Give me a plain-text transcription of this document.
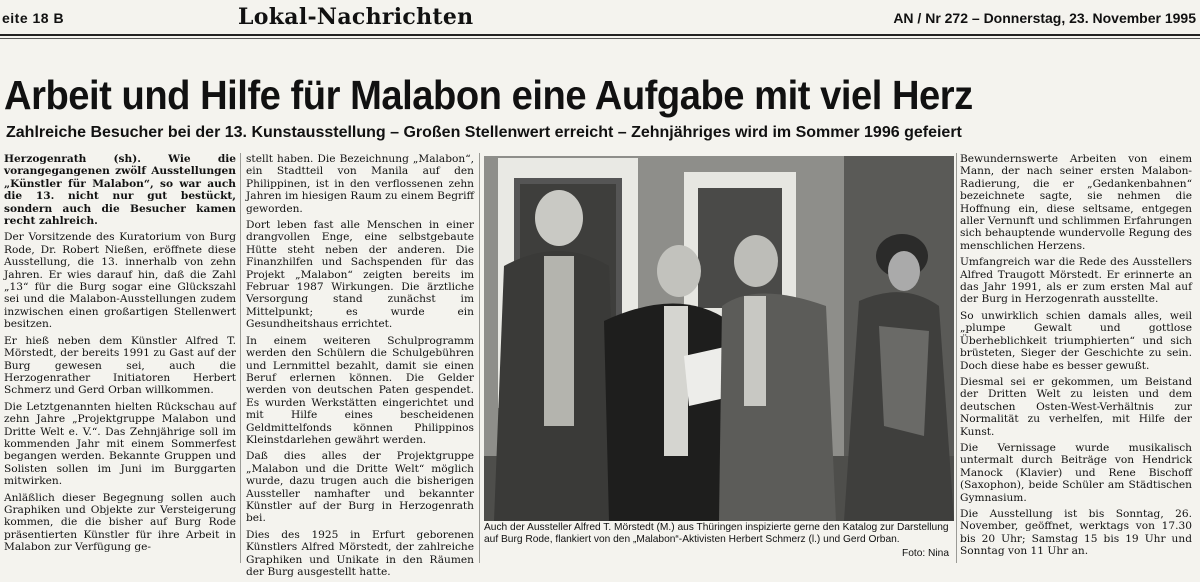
eite 18 B	Lokal-Nachrichten	AN / Nr 272 – Donnerstag, 23. November 1995
Arbeit und Hilfe für Malabon eine Aufgabe mit viel Herz
Zahlreiche Besucher bei der 13. Kunstausstellung – Großen Stellenwert erreicht – Zehnjähriges wird im Sommer 1996 gefeiert

Herzogenrath (sh). Wie die vorangegangenen zwölf Ausstellungen „Künstler für Malabon“, so war auch die 13. nicht nur gut bestückt, sondern auch die Besucher kamen recht zahlreich.

Der Vorsitzende des Kuratorium von Burg Rode, Dr. Robert Nießen, eröffnete diese Ausstellung, die 13. innerhalb von zehn Jahren. Er wies darauf hin, daß die Zahl „13“ für die Burg sogar eine Glückszahl sei und die Malabon-Ausstellungen zudem inzwischen einen großartigen Stellenwert besitzen.

Er hieß neben dem Künstler Alfred T. Mörstedt, der bereits 1991 zu Gast auf der Burg gewesen sei, auch die Herzogenrather Initiatoren Herbert Schmerz und Gerd Orban willkommen.

Die Letztgenannten hielten Rückschau auf zehn Jahre „Projektgruppe Malabon und Dritte Welt e. V.“. Das Zehnjährige soll im kommenden Jahr mit einem Sommerfest begangen werden. Bekannte Gruppen und Solisten sollen im Juni im Burggarten mitwirken.

Anläßlich dieser Begegnung sollen auch Graphiken und Objekte zur Versteigerung kommen, die die bisher auf Burg Rode präsentierten Künstler für ihre Arbeit in Malabon zur Verfügung ge-

stellt haben. Die Bezeichnung „Malabon“, ein Stadtteil von Manila auf den Philippinen, ist in den verflossenen zehn Jahren im hiesigen Raum zu einem Begriff geworden.

Dort leben fast alle Menschen in einer drangvollen Enge, eine selbstgebaute Hütte steht neben der anderen. Die Finanzhilfen und Sachspenden für das Projekt „Malabon“ zeigten bereits im Februar 1987 Wirkungen. Die ärztliche Versorgung stand zunächst im Mittelpunkt; es wurde ein Gesundheitshaus errichtet.

In einem weiteren Schulprogramm werden den Schülern die Schulgebühren und Lernmittel bezahlt, damit sie einen Beruf erlernen können. Die Gelder werden von deutschen Paten gespendet. Es wurden Werkstätten eingerichtet und mit Hilfe eines bescheidenen Geldmittelfonds können Philippinos Kleinstdarlehen gewährt werden.

Daß dies alles der Projektgruppe „Malabon und die Dritte Welt“ möglich wurde, dazu trugen auch die bisherigen Aussteller namhafter und bekannter Künstler auf der Burg in Herzogenrath bei.

Dies des 1925 in Erfurt geborenen Künstlers Alfred Mörstedt, der zahlreiche Graphiken und Unikate in den Räumen der Burg ausgestellt hatte.

Auch der Aussteller Alfred T. Mörstedt (M.) aus Thüringen inspizierte gerne den Katalog zur Darstellung auf Burg Rode, flankiert von den „Malabon“-Aktivisten Herbert Schmerz (l.) und Gerd Orban.
Foto: Nina

Bewundernswerte Arbeiten von einem Mann, der nach seiner ersten Malabon-Radierung, die er „Gedankenbahnen“ bezeichnete sagte, sie nehmen die Hoffnung ein, diese seltsame, entgegen aller Vernunft und schlimmen Erfahrungen sich behauptende wundervolle Regung des menschlichen Herzens.

Umfangreich war die Rede des Ausstellers Alfred Traugott Mörstedt. Er erinnerte an das Jahr 1991, als er zum ersten Mal auf der Burg in Herzogenrath ausstellte.

So unwirklich schien damals alles, weil „plumpe Gewalt und gottlose Überheblichkeit triumphierten“ und sich brüsteten, Sieger der Geschichte zu sein. Doch diese habe es besser gewußt.

Diesmal sei er gekommen, um Beistand der Dritten Welt zu leisten und dem deutschen Osten-West-Verhältnis zur Normalität zu verhelfen, mit Hilfe der Kunst.

Die Vernissage wurde musikalisch untermalt durch Beiträge von Hendrick Manock (Klavier) und Rene Bischoff (Saxophon), beide Schüler am Städtischen Gymnasium.

Die Ausstellung ist bis Sonntag, 26. November, geöffnet, werktags von 17.30 bis 20 Uhr; Samstag 15 bis 19 Uhr und Sonntag von 11 Uhr an.
